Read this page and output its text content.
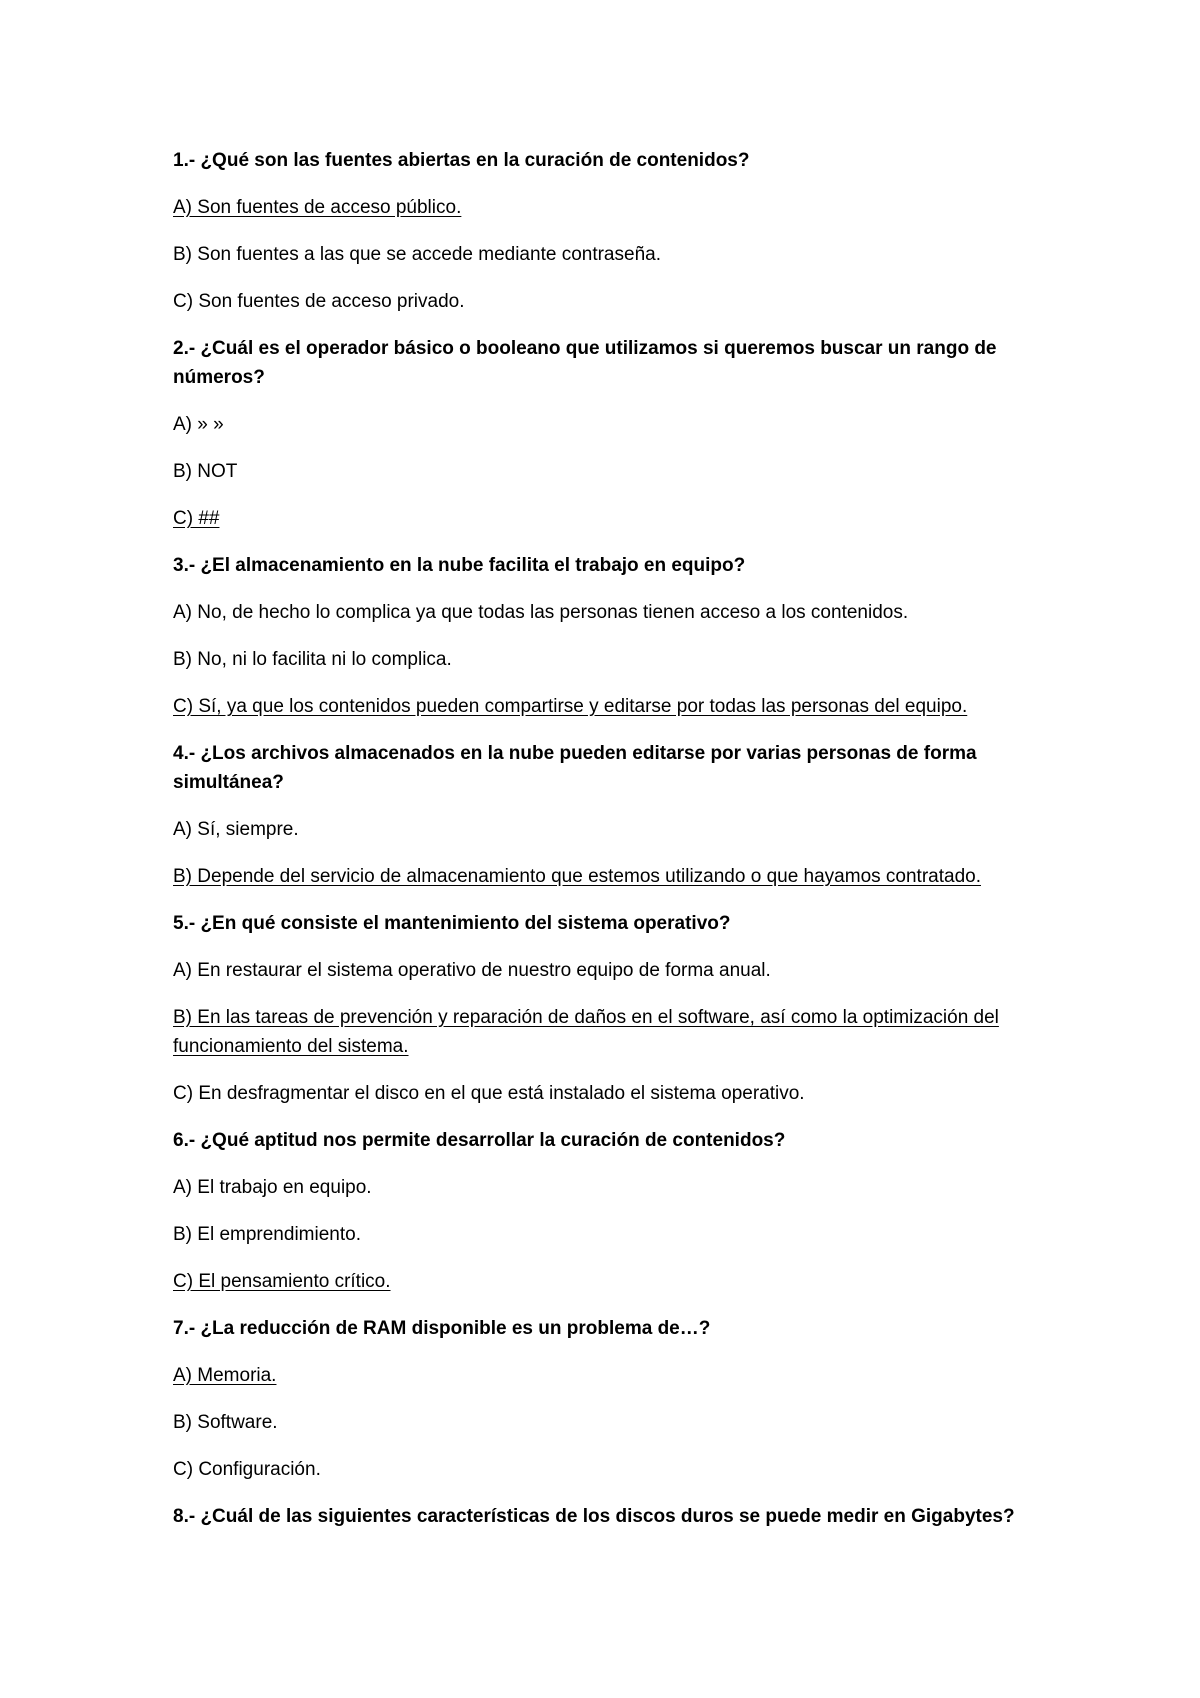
1.- ¿Qué son las fuentes abiertas en la curación de contenidos?

A) Son fuentes de acceso público.

B) Son fuentes a las que se accede mediante contraseña.

C) Son fuentes de acceso privado.

2.- ¿Cuál es el operador básico o booleano que utilizamos si queremos buscar un rango de números?

A) » »

B) NOT

C) ##

3.- ¿El almacenamiento en la nube facilita el trabajo en equipo?

A) No, de hecho lo complica ya que todas las personas tienen acceso a los contenidos.

B) No, ni lo facilita ni lo complica.

C) Sí, ya que los contenidos pueden compartirse y editarse por todas las personas del equipo.

4.- ¿Los archivos almacenados en la nube pueden editarse por varias personas de forma simultánea?

A) Sí, siempre.

B) Depende del servicio de almacenamiento que estemos utilizando o que hayamos contratado.

5.- ¿En qué consiste el mantenimiento del sistema operativo?

A) En restaurar el sistema operativo de nuestro equipo de forma anual.

B) En las tareas de prevención y reparación de daños en el software, así como la optimización del funcionamiento del sistema.

C) En desfragmentar el disco en el que está instalado el sistema operativo.

6.- ¿Qué aptitud nos permite desarrollar la curación de contenidos?

A) El trabajo en equipo.

B) El emprendimiento.

C) El pensamiento crítico.

7.- ¿La reducción de RAM disponible es un problema de…?

A) Memoria.

B) Software.

C) Configuración.

8.- ¿Cuál de las siguientes características de los discos duros se puede medir en Gigabytes?
